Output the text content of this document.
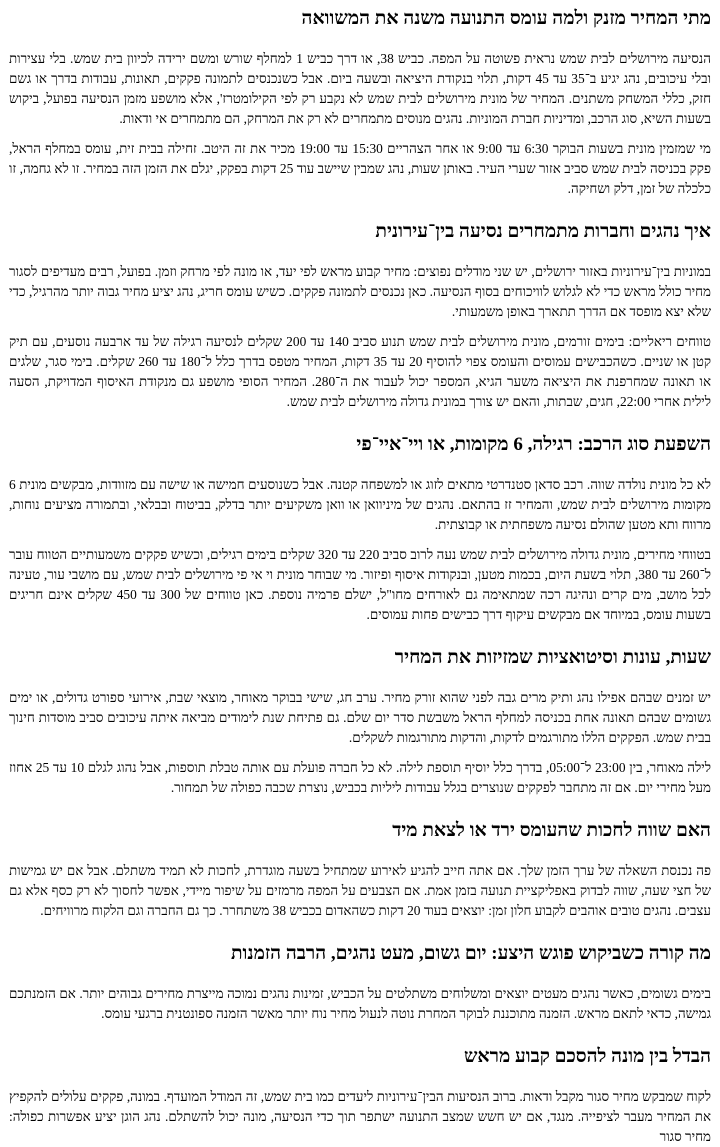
מתי המחיר מזנק ולמה עומס התנועה משנה את המשוואה

הנסיעה מירושלים לבית שמש נראית פשוטה על המפה. כביש 38, או דרך כביש 1 למחלף שורש ומשם ירידה לכיוון בית שמש. בלי עצירות ובלי עיכובים, נהג יגיע ב־35 עד 45 דקות, תלוי בנקודת היציאה ובשעה ביום. אבל כשנכנסים לתמונה פקקים, תאונות, עבודות בדרך או גשם חזק, כללי המשחק משתנים. המחיר של מונית מירושלים לבית שמש לא נקבע רק לפי הקילומטרז', אלא מושפע מזמן הנסיעה בפועל, ביקוש בשעות השיא, סוג הרכב, ומדיניות חברת המוניות. נהגים מנוסים מתמחרים לא רק את המרחק, הם מתמחרים אי ודאות.

מי שמזמין מונית בשעות הבוקר 6:30 עד 9:00 או אחר הצהריים 15:30 עד 19:00 מכיר את זה היטב. זחילה בבית זית, עומס במחלף הראל, פקק בכניסה לבית שמש סביב אזור שערי העיר. באותן שעות, נהג שמבין שיישב עוד 25 דקות בפקק, יגלם את הזמן הזה במחיר. זו לא גחמה, זו כלכלה של זמן, דלק ושחיקה.

איך נהגים וחברות מתמחרים נסיעה בין־עירונית

במוניות בין־עירוניות באזור ירושלים, יש שני מודלים נפוצים: מחיר קבוע מראש לפי יעד, או מונה לפי מרחק וזמן. בפועל, רבים מעדיפים לסגור מחיר כולל מראש כדי לא לגלוש לוויכוחים בסוף הנסיעה. כאן נכנסים לתמונה פקקים. כשיש עומס חריג, נהג יציע מחיר גבוה יותר מהרגיל, כדי שלא יצא מופסד אם הדרך תתארך באופן משמעותי.

טווחים ריאליים: בימים זורמים, מונית מירושלים לבית שמש תנוע סביב 140 עד 200 שקלים לנסיעה רגילה של עד ארבעה נוסעים, עם תיק קטן או שניים. כשהכבישים עמוסים והעומס צפוי להוסיף 20 עד 35 דקות, המחיר מטפס בדרך כלל ל־180 עד 260 שקלים. בימי סגר, שלגים או תאונה שמחרפנת את היציאה משער הגיא, המספר יכול לעבור את ה־280. המחיר הסופי מושפע גם מנקודת האיסוף המדויקת, הסעה לילית אחרי 22:00, חגים, שבתות, והאם יש צורך במונית גדולה מירושלים לבית שמש.

השפעת סוג הרכב: רגילה, 6 מקומות, או ויי־איי־פי

לא כל מונית נולדה שווה. רכב סדאן סטנדרטי מתאים לזוג או למשפחה קטנה. אבל כשנוסעים חמישה או שישה עם מזוודות, מבקשים מונית 6 מקומות מירושלים לבית שמש, והמחיר זז בהתאם. נהגים של מיניוואן או וואן משקיעים יותר בדלק, בביטוח ובבלאי, ובתמורה מציעים נוחות, מרווח ותא מטען שהולם נסיעה משפחתית או קבוצתית.

בטווחי מחירים, מונית גדולה מירושלים לבית שמש נעה לרוב סביב 220 עד 320 שקלים בימים רגילים, וכשיש פקקים משמעותיים הטווח עובר ל־260 עד 380, תלוי בשעת היום, בכמות מטען, ובנקודות איסוף ופיזור. מי שבוחר מונית וי אי פי מירושלים לבית שמש, עם מושבי עור, טעינה לכל מושב, מים קרים ונהיגה רכה שמתאימה גם לאורחים מחו"ל, ישלם פרמיה נוספת. כאן טווחים של 300 עד 450 שקלים אינם חריגים בשעות עומס, במיוחד אם מבקשים עיקוף דרך כבישים פחות עמוסים.

שעות, עונות וסיטואציות שמזיזות את המחיר

יש זמנים שבהם אפילו נהג ותיק מרים גבה לפני שהוא זורק מחיר. ערב חג, שישי בבוקר מאוחר, מוצאי שבת, אירועי ספורט גדולים, או ימים גשומים שבהם תאונה אחת בכניסה למחלף הראל משבשת סדר יום שלם. גם פתיחת שנת לימודים מביאה איתה עיכובים סביב מוסדות חינוך בבית שמש. הפקקים הללו מתורגמים לדקות, והדקות מתורגמות לשקלים.

לילה מאוחר, בין 23:00 ל־05:00, בדרך כלל יוסיף תוספת לילה. לא כל חברה פועלת עם אותה טבלת תוספות, אבל נהוג לגלם 10 עד 25 אחוז מעל מחירי יום. אם זה מתחבר לפקקים שנוצרים בגלל עבודות ליליות בכביש, נוצרת שכבה כפולה של תמחור.

האם שווה לחכות שהעומס ירד או לצאת מיד

פה נכנסת השאלה של ערך הזמן שלך. אם אתה חייב להגיע לאירוע שמתחיל בשעה מוגדרת, לחכות לא תמיד משתלם. אבל אם יש גמישות של חצי שעה, שווה לבדוק באפליקציית תנועה בזמן אמת. אם הצבעים על המפה מרמזים על שיפור מיידי, אפשר לחסוך לא רק כסף אלא גם עצבים. נהגים טובים אוהבים לקבוע חלון זמן: יוצאים בעוד 20 דקות כשהאדום בכביש 38 משתחרר. כך גם החברה וגם הלקוח מרוויחים.

מה קורה כשביקוש פוגש היצע: יום גשום, מעט נהגים, הרבה הזמנות

בימים גשומים, כאשר נהגים מעטים יוצאים ומשלוחים משתלטים על הכביש, זמינות נהגים נמוכה מייצרת מחירים גבוהים יותר. אם הזמנתכם גמישה, כדאי לתאם מראש. הזמנה מתוכננת לבוקר המחרת נוטה לנעול מחיר נוח יותר מאשר הזמנה ספונטנית ברגעי עומס.

הבדל בין מונה להסכם קבוע מראש

לקוח שמבקש מחיר סגור מקבל ודאות. ברוב הנסיעות הבין־עירוניות ליעדים כמו בית שמש, זה המודל המועדף. במונה, פקקים עלולים להקפיץ את המחיר מעבר לציפייה. מנגד, אם יש חשש שמצב התנועה ישתפר תוך כדי הנסיעה, מונה יכול להשתלם. נהג הוגן יציע אפשרות כפולה: מחיר סגור
